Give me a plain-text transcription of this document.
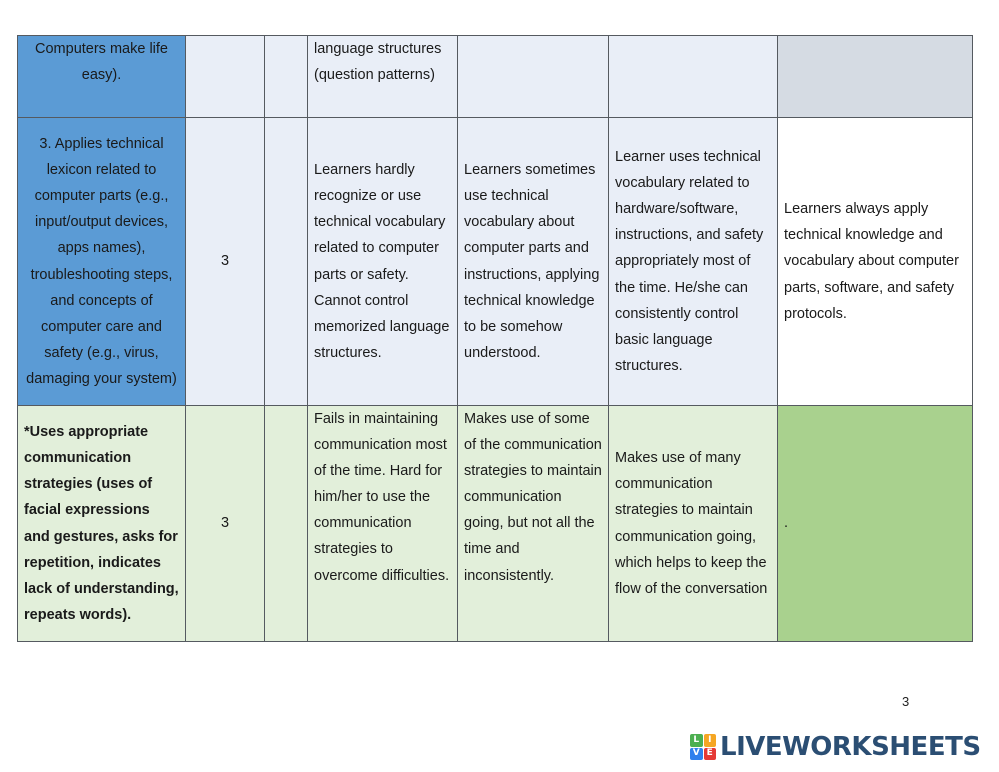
Computers make life easy).			language structures (question patterns)			
3. Applies technical lexicon related to computer parts (e.g., input/output devices, apps names), troubleshooting steps, and concepts of computer care and safety (e.g., virus, damaging your system)	3		Learners hardly recognize or use technical vocabulary related to computer parts or safety. Cannot control memorized language structures.	Learners sometimes use technical vocabulary about computer parts and instructions, applying technical knowledge to be somehow understood.	Learner uses technical vocabulary related to hardware/software, instructions, and safety appropriately most of the time. He/she can consistently control basic language structures.	Learners always apply technical knowledge and vocabulary about computer parts, software, and safety protocols.
*Uses appropriate communication strategies (uses of facial expressions and gestures, asks for repetition, indicates lack of understanding, repeats words).	3		Fails in maintaining communication most of the time. Hard for him/her to use the communication strategies to overcome difficulties.	Makes use of some of the communication strategies to maintain communication going, but not all the time and inconsistently.	Makes use of many communication strategies to maintain communication going, which helps to keep the flow of the conversation	.
3
L I
V E LIVEWORKSHEETS
